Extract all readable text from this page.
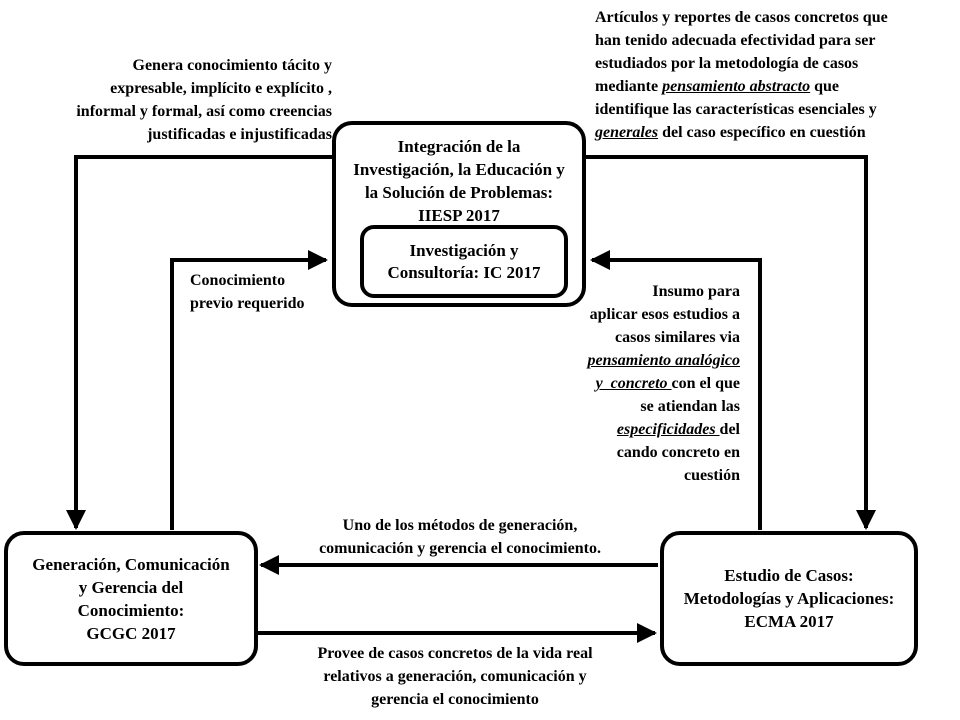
Integración de la
Investigación, la Educación y
la Solución de Problemas:
IIESP 2017
Investigación y
Consultoría: IC 2017
Generación, Comunicación
y Gerencia del
Conocimiento:
GCGC 2017
Estudio de Casos:
Metodologías y Aplicaciones:
ECMA 2017
Genera conocimiento tácito y
expresable, implícito e explícito ,
informal y formal, así como creencias
justificadas e injustificadas
Artículos y reportes de casos concretos que
han tenido adecuada efectividad para ser
estudiados por la metodología de casos
mediante pensamiento abstracto que
identifique las características esenciales y
generales del caso específico en cuestión
Conocimiento
previo requerido
Insumo para
aplicar esos estudios a
casos similares via
pensamiento analógico
y  concreto con el que
se atiendan las
especificidades del
cando concreto en
cuestión
Uno de los métodos de generación,
comunicación y gerencia el conocimiento.
Provee de casos concretos de la vida real
relativos a generación, comunicación y
gerencia el conocimiento
